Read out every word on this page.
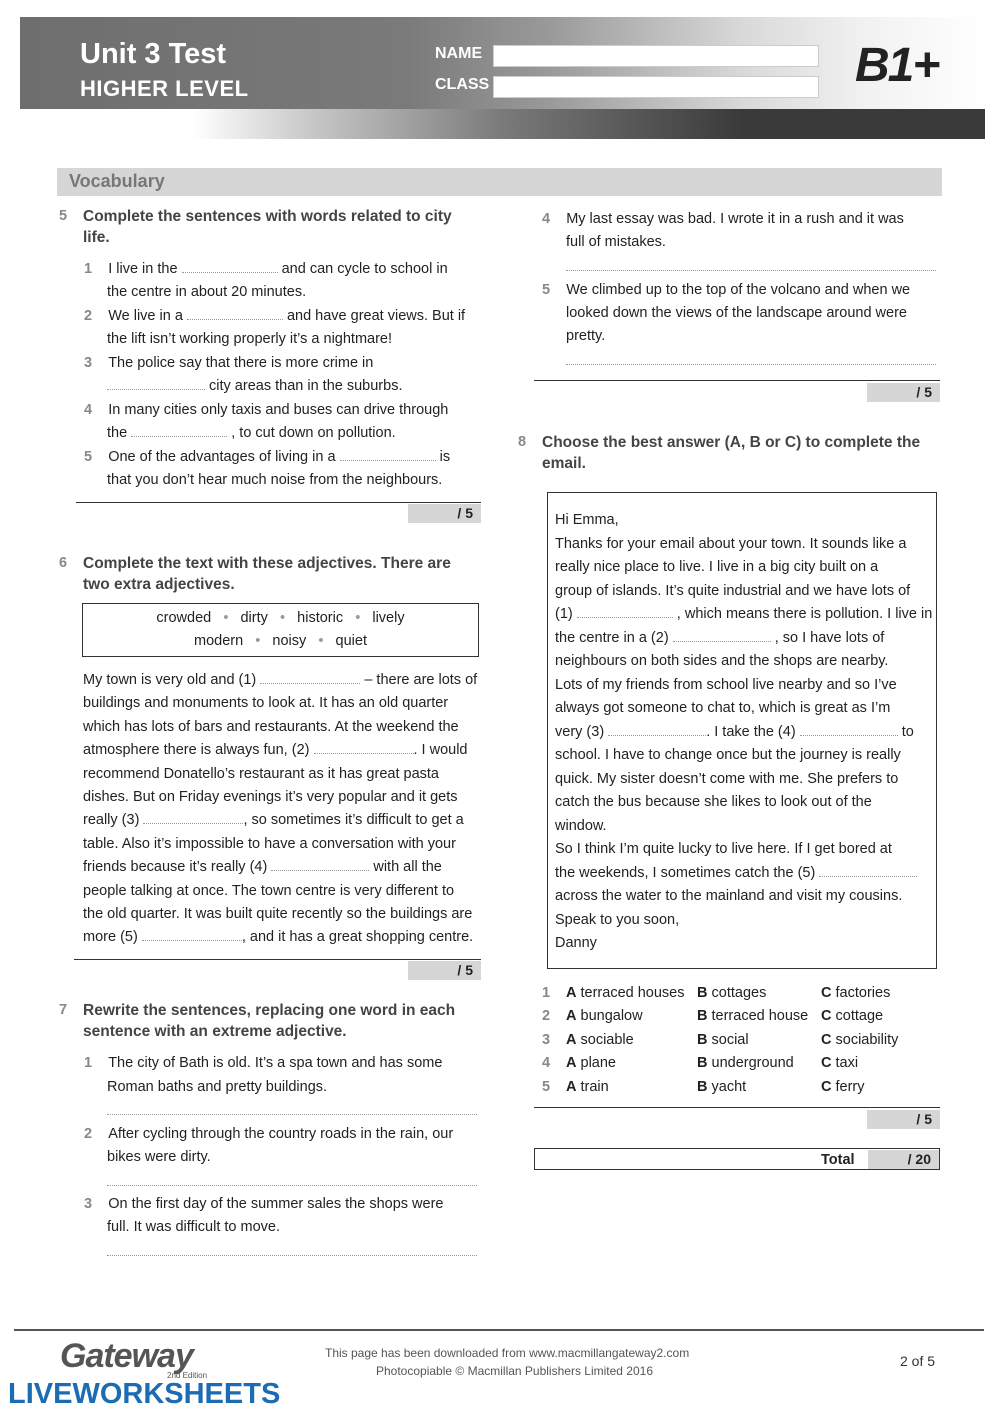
Unit 3 Test
HIGHER LEVEL
NAME
CLASS	B1+
Vocabulary
5 Complete the sentences with words related to city life.
1 I live in the	and can cycle to school in
the centre in about 20 minutes.
2 We live in a	and have great views. But if
the lift isn’t working properly it’s a nightmare!
3 The police say that there is more crime in
city areas than in the suburbs.
4 In many cities only taxis and buses can drive through
the	, to cut down on pollution.
5 One of the advantages of living in a	is
that you don’t hear much noise from the neighbours.
/ 5
6 Complete the text with these adjectives. There are two extra adjectives.
crowded • dirty • historic • lively
modern • noisy • quiet
My town is very old and (1)	– there are lots of
buildings and monuments to look at. It has an old quarter
which has lots of bars and restaurants. At the weekend the
atmosphere there is always fun, (2)	. I would
recommend Donatello’s restaurant as it has great pasta
dishes. But on Friday evenings it’s very popular and it gets
really (3)	, so sometimes it’s difficult to get a
table. Also it’s impossible to have a conversation with your
friends because it’s really (4)	with all the
people talking at once. The town centre is very different to
the old quarter. It was built quite recently so the buildings are
more (5)	, and it has a great shopping centre.
/ 5
7 Rewrite the sentences, replacing one word in each sentence with an extreme adjective.
1 The city of Bath is old. It’s a spa town and has some
Roman baths and pretty buildings.
2 After cycling through the country roads in the rain, our
bikes were dirty.
3 On the first day of the summer sales the shops were
full. It was difficult to move.
4 My last essay was bad. I wrote it in a rush and it was
full of mistakes.
5 We climbed up to the top of the volcano and when we
looked down the views of the landscape around were
pretty.
/ 5
8 Choose the best answer (A, B or C) to complete the email.
Hi Emma,
Thanks for your email about your town. It sounds like a
really nice place to live. I live in a big city built on a
group of islands. It’s quite industrial and we have lots of
(1)	, which means there is pollution. I live in
the centre in a (2)	, so I have lots of
neighbours on both sides and the shops are nearby.
Lots of my friends from school live nearby and so I’ve
always got someone to chat to, which is great as I’m
very (3)	. I take the (4)	to
school. I have to change once but the journey is really
quick. My sister doesn’t come with me. She prefers to
catch the bus because she likes to look out of the
window.
So I think I’m quite lucky to live here. If I get bored at
the weekends, I sometimes catch the (5)
across the water to the mainland and visit my cousins.
Speak to you soon,
Danny
1	A terraced houses	B cottages	C factories
2	A bungalow	B terraced house	C cottage
3	A sociable	B social	C sociability
4	A plane	B underground	C taxi
5	A train	B yacht	C ferry
/ 5
Total	/ 20
Gateway
2nd Edition
This page has been downloaded from www.macmillangateway2.com
Photocopiable © Macmillan Publishers Limited 2016
2 of 5
LIVEWORKSHEETS
